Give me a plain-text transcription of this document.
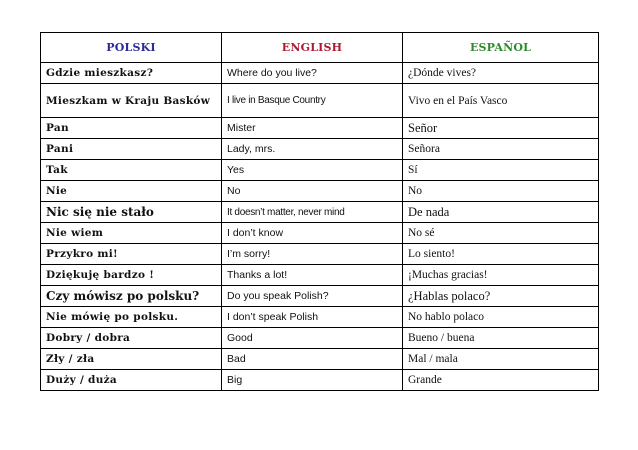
POLSKI	ENGLISH	ESPAÑOL
Gdzie mieszkasz?	Where do you live?	¿Dónde vives?
Mieszkam w Kraju Basków	I live in Basque Country	Vivo en el País Vasco
Pan	Mister	Señor
Pani	Lady, mrs.	Señora
Tak	Yes	Sí
Nie	No	No
Nic się nie stało	It doesn’t matter, never mind	De nada
Nie wiem	I don’t know	No sé
Przykro mi!	I’m sorry!	Lo siento!
Dziękuję bardzo !	Thanks a lot!	¡Muchas gracias!
Czy mówisz po polsku?	Do you speak Polish?	¿Hablas polaco?
Nie mówię po polsku.	I don’t speak Polish	No hablo polaco
Dobry / dobra	Good	Bueno / buena
Zły / zła	Bad	Mal / mala
Duży / duża	Big	Grande
